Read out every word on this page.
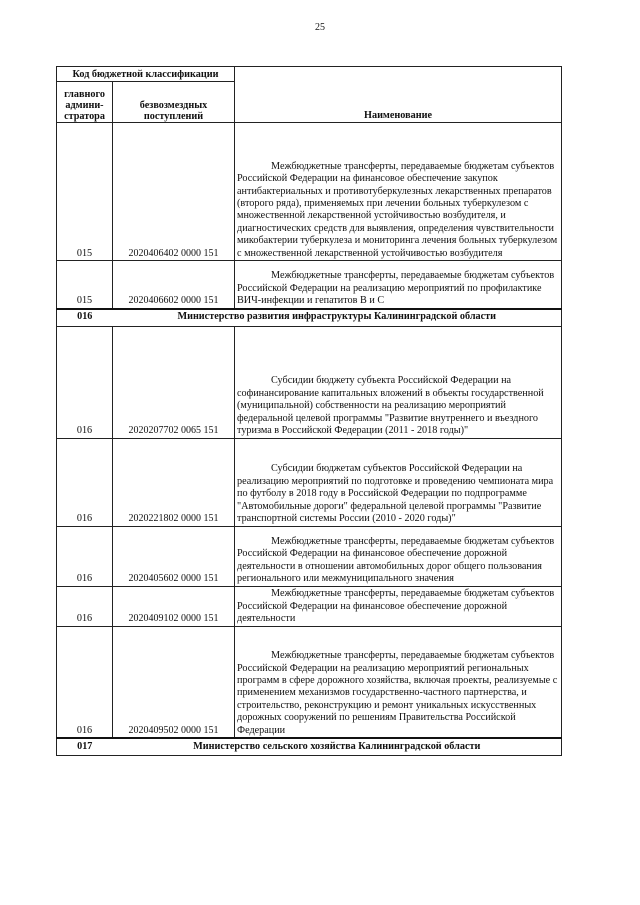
25
Код бюджетной классификации		Наименование
главного админи-стратора	безвозмездных поступлений	
015	2020406402 0000 151	Межбюджетные трансферты, передаваемые бюджетам субъектов Российской Федерации на финансовое обеспечение закупок антибактериальных и противотуберкулезных лекарственных препаратов (второго ряда), применяемых при лечении больных туберкулезом с множественной лекарственной устойчивостью возбудителя, и диагностических средств для выявления, определения чувствительности микобактерии туберкулеза и мониторинга лечения больных туберкулезом с множественной лекарственной устойчивостью возбудителя
015	2020406602 0000 151	Межбюджетные трансферты, передаваемые бюджетам субъектов Российской Федерации на реализацию мероприятий по профилактике ВИЧ-инфекции и гепатитов В и С
016	Министерство развития инфраструктуры Калининградской области	
016	2020207702 0065 151	Субсидии бюджету субъекта Российской Федерации на софинансирование капитальных вложений в объекты государственной (муниципальной) собственности на реализацию мероприятий федеральной целевой программы "Развитие внутреннего и въездного туризма в Российской Федерации (2011 - 2018 годы)"
016	2020221802 0000 151	Субсидии бюджетам субъектов Российской Федерации на реализацию мероприятий по подготовке и проведению чемпионата мира по футболу в 2018 году в Российской Федерации по подпрограмме "Автомобильные дороги" федеральной целевой программы "Развитие транспортной системы России (2010 - 2020 годы)"
016	2020405602 0000 151	Межбюджетные трансферты, передаваемые бюджетам субъектов Российской Федерации на финансовое обеспечение дорожной деятельности в отношении автомобильных дорог общего пользования регионального или межмуниципального значения
016	2020409102 0000 151	Межбюджетные трансферты, передаваемые бюджетам субъектов Российской Федерации на финансовое обеспечение дорожной деятельности
016	2020409502 0000 151	Межбюджетные трансферты, передаваемые бюджетам субъектов Российской Федерации на реализацию мероприятий региональных программ в сфере дорожного хозяйства, включая проекты, реализуемые с применением механизмов государственно-частного партнерства, и строительство, реконструкцию и ремонт уникальных искусственных дорожных сооружений по решениям Правительства Российской Федерации
017	Министерство сельского хозяйства Калининградской области	
